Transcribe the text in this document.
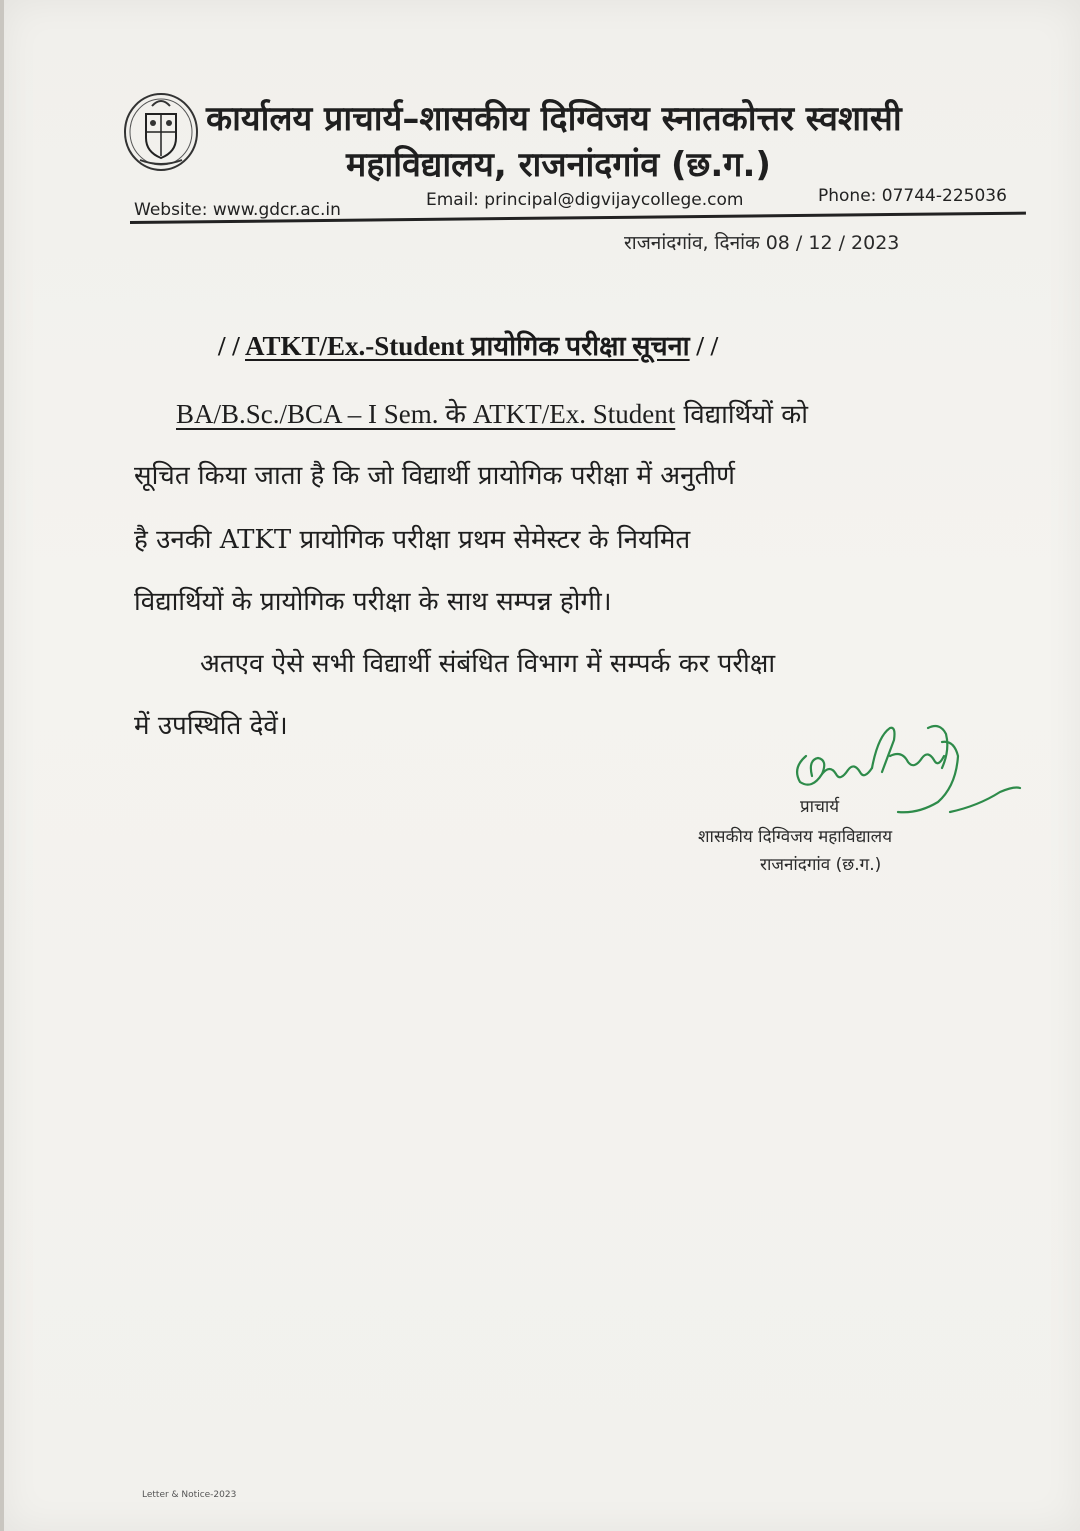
कार्यालय प्राचार्य–शासकीय दिग्विजय स्नातकोत्तर स्वशासी
महाविद्यालय, राजनांदगांव (छ.ग.)
Website: www.gdcr.ac.in	Email: principal@digvijaycollege.com	Phone: 07744-225036
राजनांदगांव, दिनांक 08 / 12 / 2023
/ / ATKT/Ex.-Student प्रायोगिक परीक्षा सूचना / /
BA/B.Sc./BCA – I Sem. के ATKT/Ex. Student विद्यार्थियों को
सूचित किया जाता है कि जो विद्यार्थी प्रायोगिक परीक्षा में अनुतीर्ण
है उनकी ATKT प्रायोगिक परीक्षा प्रथम सेमेस्टर के नियमित
विद्यार्थियों के प्रायोगिक परीक्षा के साथ सम्पन्न होगी।
अतएव ऐसे सभी विद्यार्थी संबंधित विभाग में सम्पर्क कर परीक्षा
में उपस्थिति देवें।
प्राचार्य
शासकीय दिग्विजय महाविद्यालय
राजनांदगांव (छ.ग.)
Letter & Notice-2023
